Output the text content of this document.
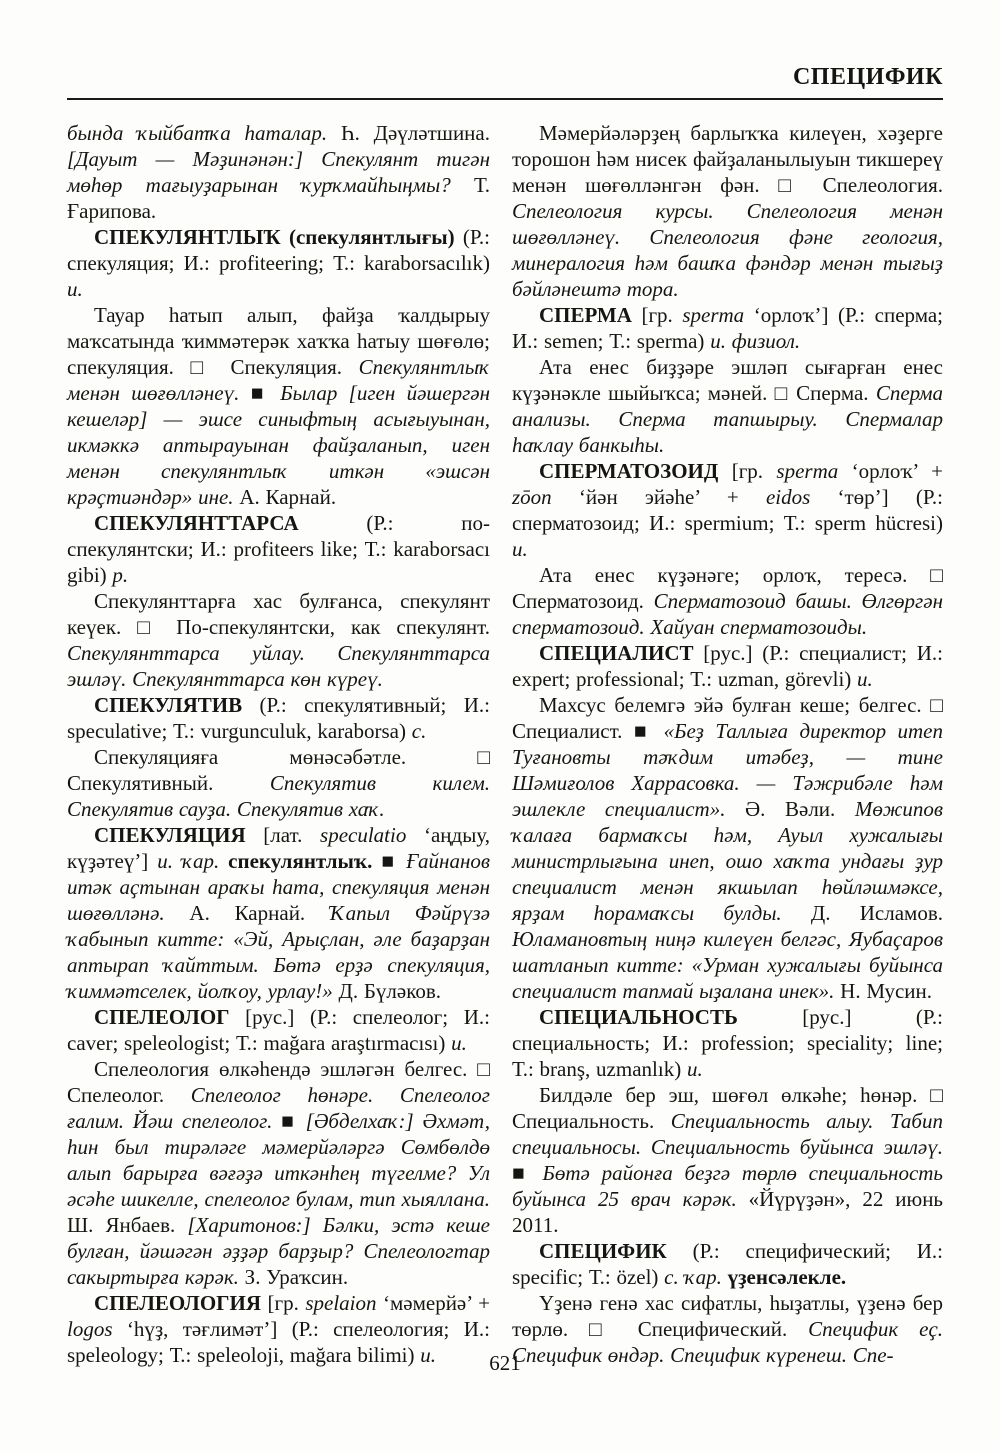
СПЕЦИФИК

бында ҡыйбатҡа һаталар. Һ. Дәүләтшина. [Дауыт — Мәҙинәнән:] Спекулянт тигән мөһөр тағыуҙарынан ҡурҡмайһыңмы? Т. Ғарипова.

СПЕКУЛЯНТЛЫҠ (спекулянтлығы) (Р.: спекуляция; И.: profiteering; Т.: karaborsacılık) и.

Тауар һатып алып, файҙа ҡалдырыу маҡсатында ҡиммәтерәк хаҡҡа һатыу шөғөлө; спекуляция. □ Спекуляция. Спекулянтлыҡ менән шөғөлләнеү. ■ Былар [иген йәшергән кешеләр] — эшсе синыфтың асығыуынан, икмәккә аптырауынан файҙаланып, иген менән спекулянтлыҡ иткән «эшсән крәҫтиәндәр» ине. А. Карнай.

СПЕКУЛЯНТТАРСА (Р.: по-спекулянтски; И.: profiteers like; Т.: karaborsacı gibi) р.

Спекулянттарға хас булғанса, спекулянт кеүек. □ По-спекулянтски, как спекулянт. Спекулянттарса уйлау. Спекулянттарса эшләү. Спекулянттарса көн күреү.

СПЕКУЛЯТИВ (Р.: спекулятивный; И.: speculative; Т.: vurgunculuk, karaborsa) с.

Спекуляцияға мөнәсәбәтле. □ Спекулятивный. Спекулятив килем. Спекулятив сауҙа. Спекулятив хаҡ.

СПЕКУЛЯЦИЯ [лат. speculatio ‘аңдыу, күҙәтеү’] и. ҡар. спекулянтлыҡ. ■ Ғайнанов итәк аҫтынан араҡы һата, спекуляция менән шөғөлләнә. А. Карнай. Ҡапыл Фәйрүзә ҡабынып китте: «Эй, Арыҫлан, әле баҙарҙан аптырап ҡайттым. Бөтә ерҙә спекуляция, ҡиммәтселек, йолҡоу, урлау!» Д. Бүләков.

СПЕЛЕОЛОГ [рус.] (Р.: спелеолог; И.: caver; speleologist; Т.: mağara araştırmacısı) и.

Спелеология өлкәһендә эшләгән белгес. □ Спелеолог. Спелеолог һөнәре. Спелеолог ғалим. Йәш спелеолог. ■ [Әбделхаҡ:] Әхмәт, һин был тирәләге мәмерйәләргә Сөмбөлдө алып барырға вәғәҙә иткәнһең түгелме? Ул әсәһе шикелле, спелеолог булам, тип хыяллана. Ш. Янбаев. [Харитонов:] Бәлки, эстә кеше булған, йәшәгән әҙҙәр барҙыр? Спелеологтар сакыртырға кәрәк. З. Ураҡсин.

СПЕЛЕОЛОГИЯ [гр. spelaion ‘мәмерйә’ + logos ‘һүҙ, тәғлимәт’] (Р.: спелеология; И.: speleology; Т.: speleoloji, mağara bilimi) и.

Мәмерйәләрҙең барлыҡҡа килеүен, хәҙерге торошон һәм нисек файҙаланылыуын тикшереү менән шөғөлләнгән фән. □ Спелеология. Спелеология курсы. Спелеология менән шөғөлләнеү. Спелеология фәне геология, минералогия һәм башҡа фәндәр менән тығыҙ бәйләнештә тора.

СПЕРМА [гр. sperma ‘орлоҡ’] (Р.: сперма; И.: semen; Т.: sperma) и. физиол.

Ата енес биҙҙәре эшләп сығарған енес күҙәнәкле шыйыҡса; мәней. □ Сперма. Сперма анализы. Сперма тапшырыу. Спермалар һаҡлау банкыһы.

СПЕРМАТОЗОИД [гр. sperma ‘орлоҡ’ + zōon ‘йән эйәһе’ + eidos ‘төр’] (Р.: сперматозоид; И.: spermium; Т.: sperm hücresi) и.

Ата енес күҙәнәге; орлоҡ, тересә. □ Сперматозоид. Сперматозоид башы. Өлгөргән сперматозоид. Хайуан сперматозоиды.

СПЕЦИАЛИСТ [рус.] (Р.: специалист; И.: expert; professional; Т.: uzman, görevli) и.

Махсус белемгә эйә булған кеше; белгес. □ Специалист. ■ «Беҙ Таллыға директор итеп Туғановты тәҡдим итәбеҙ, — тине Шәмиғолов Харрасовка. — Тәжрибәле һәм эшлекле специалист». Ә. Вәли. Мөжипов ҡалаға бармаҡсы һәм, Ауыл хужалығы министрлығына инеп, ошо хаҡта ундағы ҙур специалист менән якшылап һөйләшмәксе, ярҙам һорамаҡсы булды. Д. Исламов. Юламановтың ниңә килеүен белгәс, Яубаҫаров шатланып китте: «Урман хужалығы буйынса специалист тапмай ыҙалана инек». Н. Мусин.

СПЕЦИАЛЬНОСТЬ [рус.] (Р.: специальность; И.: profession; speciality; line; Т.: branş, uzmanlık) и.

Билдәле бер эш, шөғөл өлкәһе; һөнәр. □ Специальность. Специальность алыу. Табип специальносы. Специальность буйынса эшләү. ■ Бөтә районға беҙгә төрлө специальность буйынса 25 врач кәрәк. «Йүрүҙән», 22 июнь 2011.

СПЕЦИФИК (Р.: специфический; И.: specific; Т.: özel) с. ҡар. үҙенсәлекле.

Үҙенә генә хас сифатлы, һыҙатлы, үҙенә бер төрлө. □ Специфический. Специфик еҫ. Специфик өндәр. Специфик күренеш. Спе-

621
